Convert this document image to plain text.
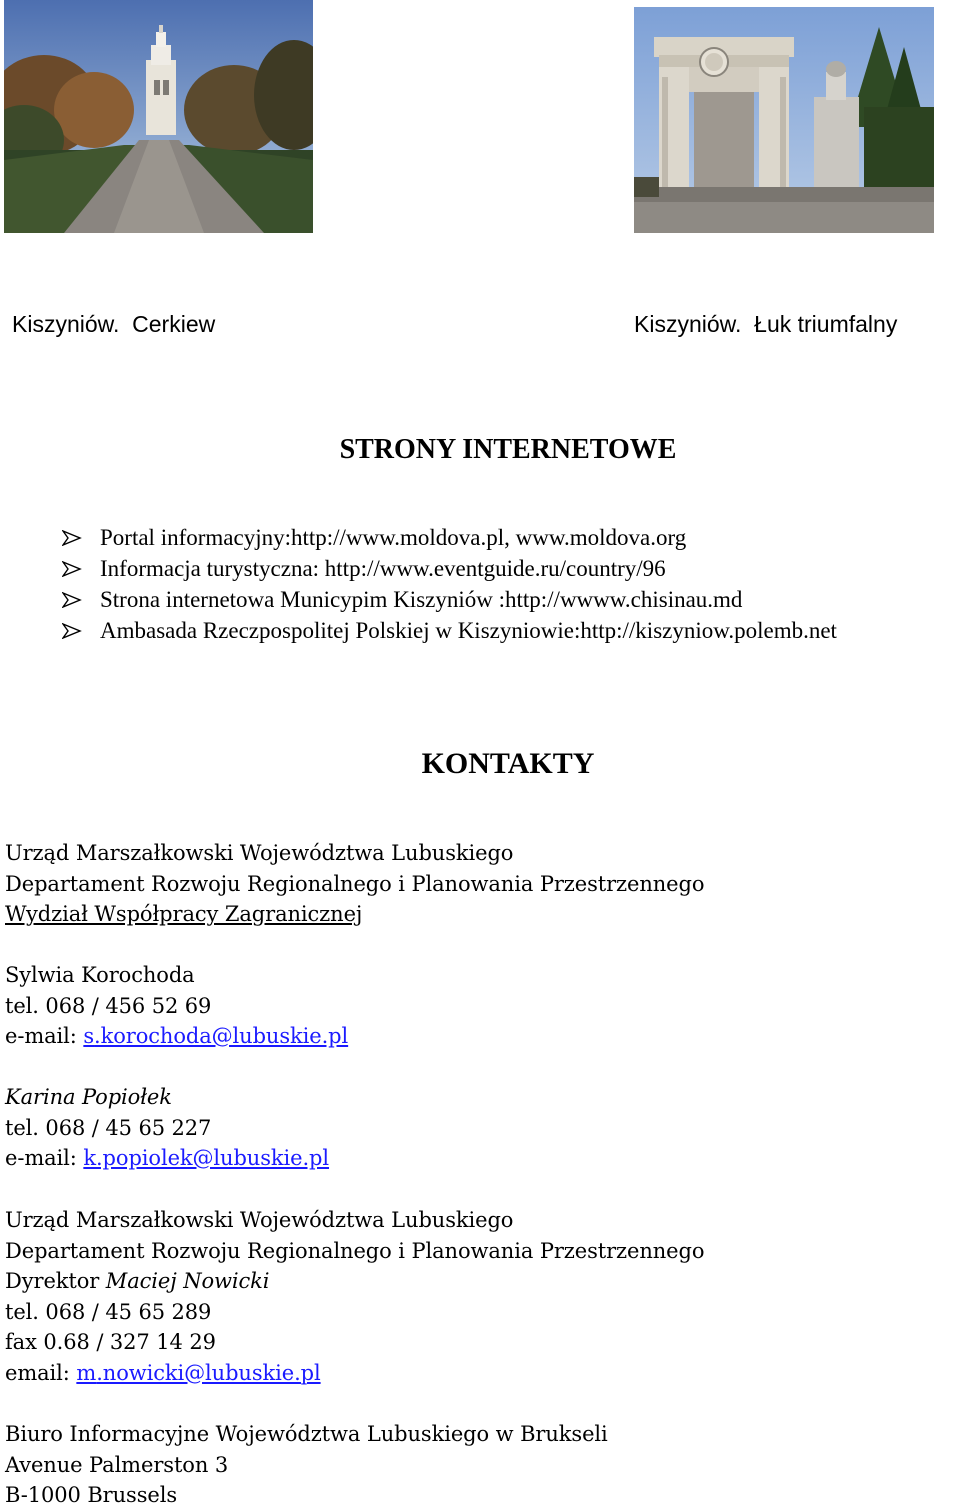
Kiszyniów.  Cerkiew	Kiszyniów.  Łuk triumfalny
STRONY INTERNETOWE
Portal informacyjny:http://www.moldova.pl, www.moldova.org
Informacja turystyczna: http://www.eventguide.ru/country/96
Strona internetowa Municypim Kiszyniów :http://wwww.chisinau.md
Ambasada Rzeczpospolitej Polskiej w Kiszyniowie:http://kiszyniow.polemb.net
KONTAKTY
Urząd Marszałkowski Województwa Lubuskiego
Departament Rozwoju Regionalnego i Planowania Przestrzennego
Wydział Współpracy Zagranicznej
Sylwia Korochoda
tel. 068 / 456 52 69
e-mail: s.korochoda@lubuskie.pl
Karina Popiołek
tel. 068 / 45 65 227
e-mail: k.popiolek@lubuskie.pl
Urząd Marszałkowski Województwa Lubuskiego
Departament Rozwoju Regionalnego i Planowania Przestrzennego
Dyrektor Maciej Nowicki
tel. 068 / 45 65 289
fax 0.68 / 327 14 29
email: m.nowicki@lubuskie.pl
Biuro Informacyjne Województwa Lubuskiego w Brukseli
Avenue Palmerston 3
B-1000 Brussels
